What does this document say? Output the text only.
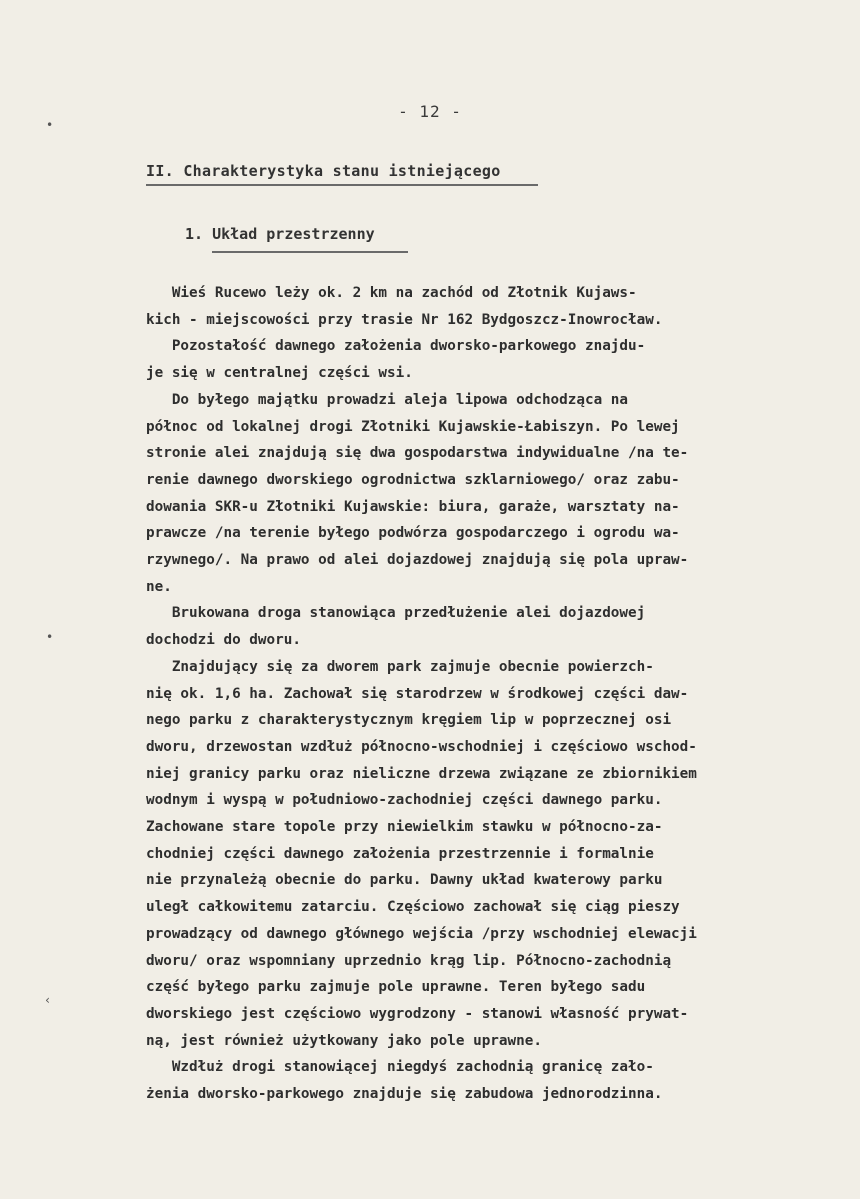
- 12 -
II. Charakterystyka stanu istniejącego
1. Układ przestrzenny
Wieś Rucewo leży ok. 2 km na zachód od Złotnik Kujaws-
kich - miejscowości przy trasie Nr 162 Bydgoszcz-Inowrocław.
Pozostałość dawnego założenia dworsko-parkowego znajdu-
je się w centralnej części wsi.
Do byłego majątku prowadzi aleja lipowa odchodząca na
północ od lokalnej drogi Złotniki Kujawskie-Łabiszyn. Po lewej
stronie alei znajdują się dwa gospodarstwa indywidualne /na te-
renie dawnego dworskiego ogrodnictwa szklarniowego/ oraz zabu-
dowania SKR-u Złotniki Kujawskie: biura, garaże, warsztaty na-
prawcze /na terenie byłego podwórza gospodarczego i ogrodu wa-
rzywnego/. Na prawo od alei dojazdowej znajdują się pola upraw-
ne.
Brukowana droga stanowiąca przedłużenie alei dojazdowej
dochodzi do dworu.
Znajdujący się za dworem park zajmuje obecnie powierzch-
nię ok. 1,6 ha. Zachował się starodrzew w środkowej części daw-
nego parku z charakterystycznym kręgiem lip w poprzecznej osi
dworu, drzewostan wzdłuż północno-wschodniej i częściowo wschod-
niej granicy parku oraz nieliczne drzewa związane ze zbiornikiem
wodnym i wyspą w południowo-zachodniej części dawnego parku.
Zachowane stare topole przy niewielkim stawku w północno-za-
chodniej części dawnego założenia przestrzennie i formalnie
nie przynależą obecnie do parku. Dawny układ kwaterowy parku
uległ całkowitemu zatarciu. Częściowo zachował się ciąg pieszy
prowadzący od dawnego głównego wejścia /przy wschodniej elewacji
dworu/ oraz wspomniany uprzednio krąg lip. Północno-zachodnią
część byłego parku zajmuje pole uprawne. Teren byłego sadu
dworskiego jest częściowo wygrodzony - stanowi własność prywat-
ną, jest również użytkowany jako pole uprawne.
Wzdłuż drogi stanowiącej niegdyś zachodnią granicę zało-
żenia dworsko-parkowego znajduje się zabudowa jednorodzinna.
•
•
‹
